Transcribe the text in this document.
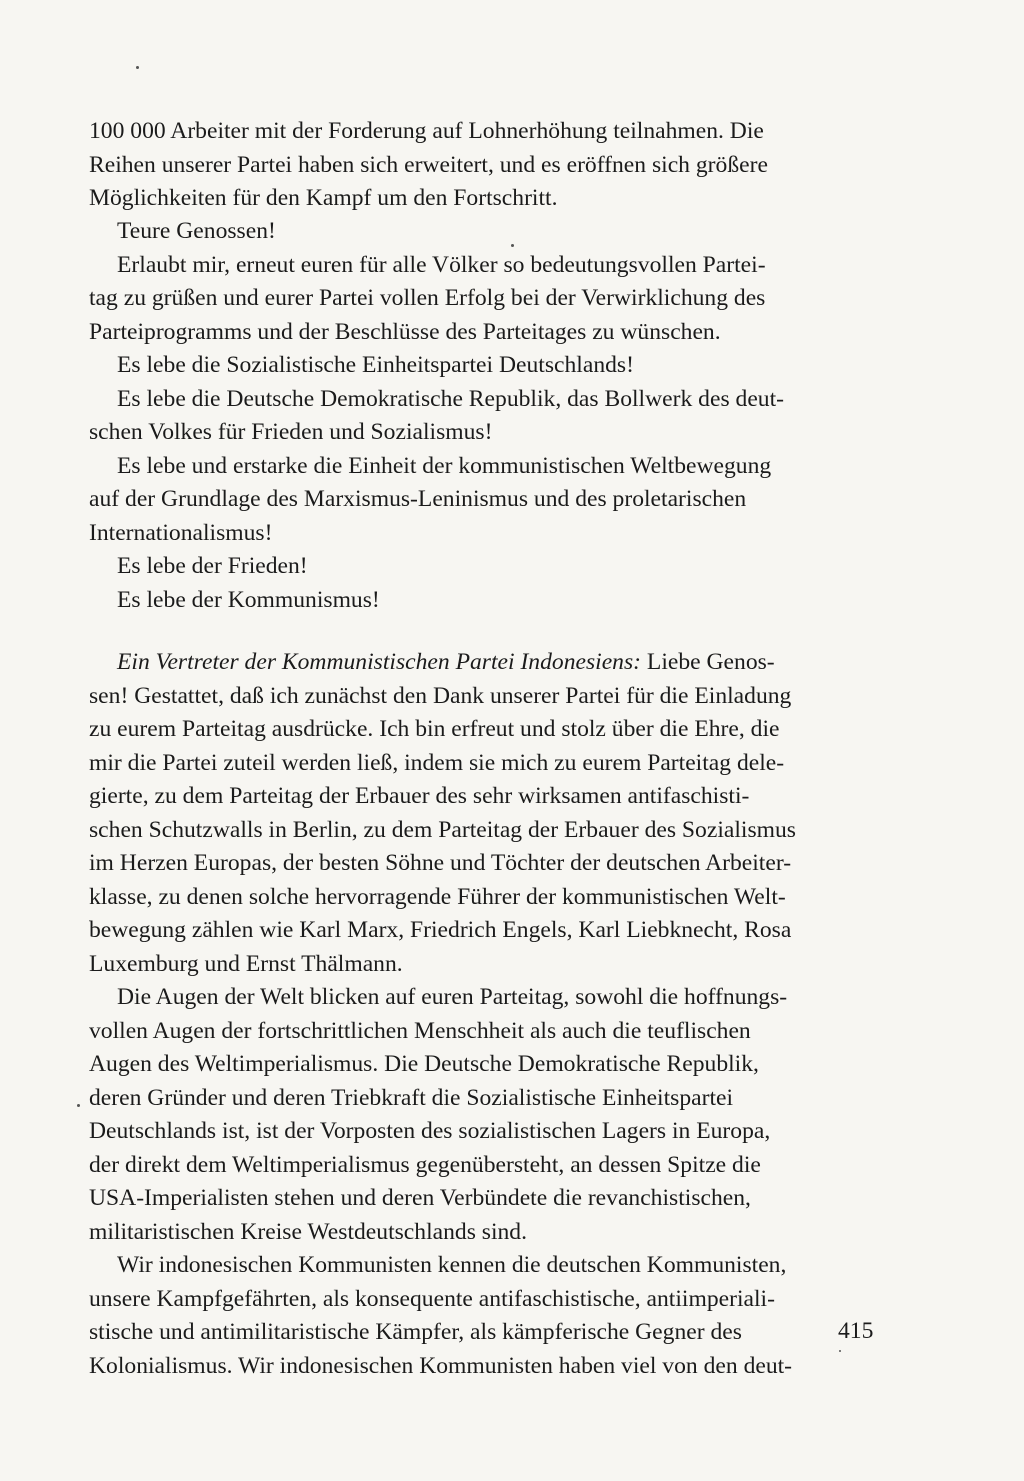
100 000 Arbeiter mit der Forderung auf Lohnerhöhung teilnahmen. Die
Reihen unserer Partei haben sich erweitert, und es eröffnen sich größere
Möglichkeiten für den Kampf um den Fortschritt.
Teure Genossen!
Erlaubt mir, erneut euren für alle Völker so bedeutungsvollen Partei-
tag zu grüßen und eurer Partei vollen Erfolg bei der Verwirklichung des
Parteiprogramms und der Beschlüsse des Parteitages zu wünschen.
Es lebe die Sozialistische Einheitspartei Deutschlands!
Es lebe die Deutsche Demokratische Republik, das Bollwerk des deut-
schen Volkes für Frieden und Sozialismus!
Es lebe und erstarke die Einheit der kommunistischen Weltbewegung
auf der Grundlage des Marxismus-Leninismus und des proletarischen
Internationalismus!
Es lebe der Frieden!
Es lebe der Kommunismus!
Ein Vertreter der Kommunistischen Partei Indonesiens: Liebe Genos-
sen! Gestattet, daß ich zunächst den Dank unserer Partei für die Einladung
zu eurem Parteitag ausdrücke. Ich bin erfreut und stolz über die Ehre, die
mir die Partei zuteil werden ließ, indem sie mich zu eurem Parteitag dele-
gierte, zu dem Parteitag der Erbauer des sehr wirksamen antifaschisti-
schen Schutzwalls in Berlin, zu dem Parteitag der Erbauer des Sozialismus
im Herzen Europas, der besten Söhne und Töchter der deutschen Arbeiter-
klasse, zu denen solche hervorragende Führer der kommunistischen Welt-
bewegung zählen wie Karl Marx, Friedrich Engels, Karl Liebknecht, Rosa
Luxemburg und Ernst Thälmann.
Die Augen der Welt blicken auf euren Parteitag, sowohl die hoffnungs-
vollen Augen der fortschrittlichen Menschheit als auch die teuflischen
Augen des Weltimperialismus. Die Deutsche Demokratische Republik,
deren Gründer und deren Triebkraft die Sozialistische Einheitspartei
Deutschlands ist, ist der Vorposten des sozialistischen Lagers in Europa,
der direkt dem Weltimperialismus gegenübersteht, an dessen Spitze die
USA-Imperialisten stehen und deren Verbündete die revanchistischen,
militaristischen Kreise Westdeutschlands sind.
Wir indonesischen Kommunisten kennen die deutschen Kommunisten,
unsere Kampfgefährten, als konsequente antifaschistische, antiimperiali-
stische und antimilitaristische Kämpfer, als kämpferische Gegner des
Kolonialismus. Wir indonesischen Kommunisten haben viel von den deut-
415
